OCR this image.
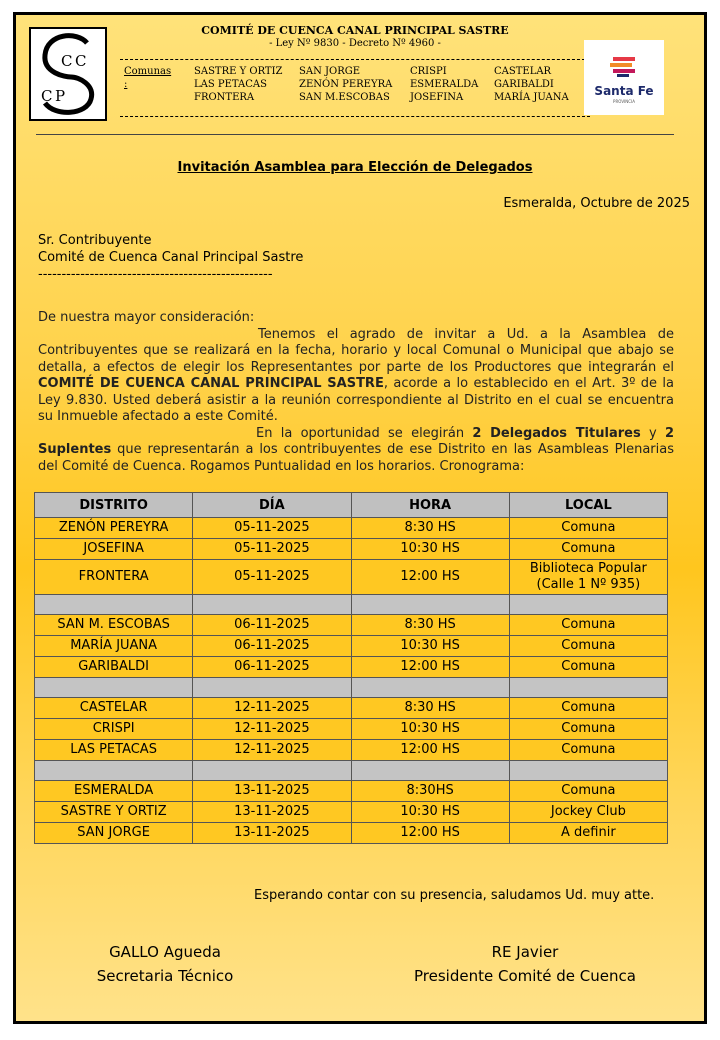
C C
C P
COMITÉ DE CUENCA CANAL PRINCIPAL SASTRE
- Ley Nº 9830 - Decreto Nº 4960 -
Comunas :
SASTRE Y ORTIZ
LAS PETACAS
FRONTERA
SAN JORGE
ZENÓN PEREYRA
SAN M.ESCOBAS
CRISPI
ESMERALDA
JOSEFINA
CASTELAR
GARIBALDI
MARÍA JUANA	Santa Fe
PROVINCIA
Invitación Asamblea para Elección de Delegados
Esmeralda, Octubre de 2025
Sr. Contribuyente
Comité de Cuenca Canal Principal Sastre
--------------------------------------------------

De nuestra mayor consideración:

Tenemos el agrado de invitar a Ud. a la Asamblea de Contribuyentes que se realizará en la fecha, horario y local Comunal o Municipal que abajo se detalla, a efectos de elegir los Representantes por parte de los Productores que integrarán el COMITÉ DE CUENCA CANAL PRINCIPAL SASTRE, acorde a lo establecido en el Art. 3º de la Ley 9.830. Usted deberá asistir a la reunión correspondiente al Distrito en el cual se encuentra su Inmueble afectado a este Comité.

En la oportunidad se elegirán 2 Delegados Titulares y 2 Suplentes que representarán a los contribuyentes de ese Distrito en las Asambleas Plenarias del Comité de Cuenca. Rogamos Puntualidad en los horarios. Cronograma:

DISTRITO	DÍA	HORA	LOCAL
ZENÓN PEREYRA	05-11-2025	8:30 HS	Comuna
JOSEFINA	05-11-2025	10:30 HS	Comuna
FRONTERA	05-11-2025	12:00 HS	Biblioteca Popular
(Calle 1 Nº 935)

SAN M. ESCOBAS	06-11-2025	8:30 HS	Comuna
MARÍA JUANA	06-11-2025	10:30 HS	Comuna
GARIBALDI	06-11-2025	12:00 HS	Comuna

CASTELAR	12-11-2025	8:30 HS	Comuna
CRISPI	12-11-2025	10:30 HS	Comuna
LAS PETACAS	12-11-2025	12:00 HS	Comuna

ESMERALDA	13-11-2025	8:30HS	Comuna
SASTRE Y ORTIZ	13-11-2025	10:30 HS	Jockey Club
SAN JORGE	13-11-2025	12:00 HS	A definir
Esperando contar con su presencia, saludamos Ud. muy atte.
GALLO Agueda
Secretaria Técnico
RE Javier
Presidente Comité de Cuenca
